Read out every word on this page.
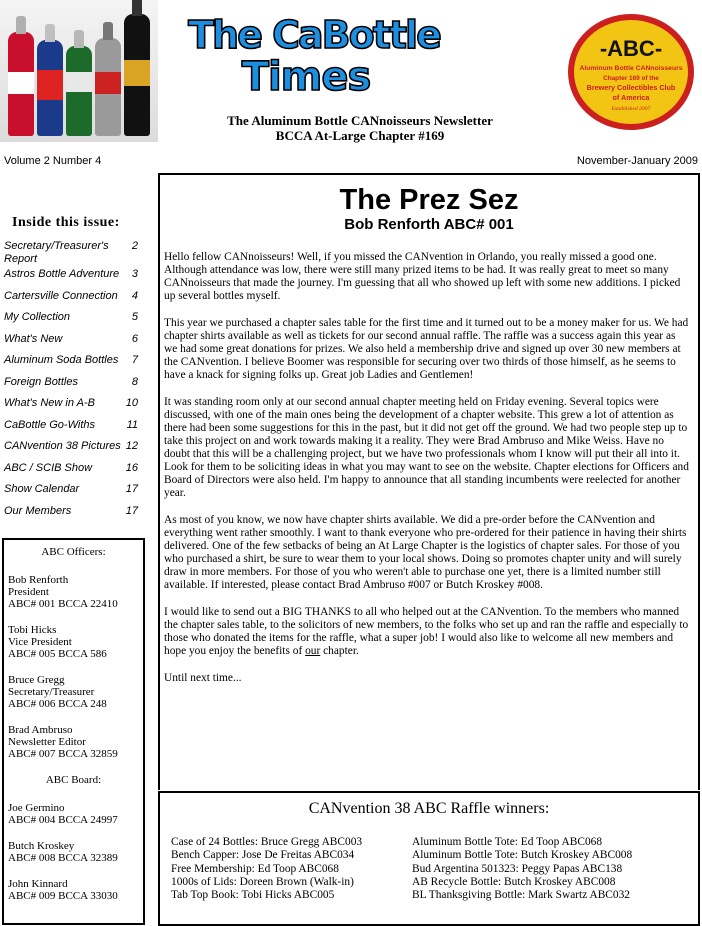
The CaBottle
Times
The Aluminum Bottle CANnoisseurs Newsletter
BCCA At-Large Chapter #169
-ABC-
Aluminum Bottle CANnoisseurs
Chapter 169 of the
Brewery Collectibles Club
of America
Established 2007
Volume 2 Number 4	November-January 2009
Inside this issue:
Secretary/Treasurer's Report
2
Astros Bottle Adventure 3
Cartersville Connection 4
My Collection	5
What's New	6
Aluminum Soda Bottles 7
Foreign Bottles	8
What's New in A-B	10
CaBottle Go-Withs	11
CANvention 38 Pictures 12
ABC / SCIB Show	16
Show Calendar	17
Our Members	17
ABC Officers:
Bob Renforth
President
ABC# 001 BCCA 22410
Tobi Hicks
Vice President
ABC# 005 BCCA 586
Bruce Gregg
Secretary/Treasurer
ABC# 006 BCCA 248
Brad Ambruso
Newsletter Editor
ABC# 007 BCCA 32859
ABC Board:
Joe Germino
ABC# 004 BCCA 24997
Butch Kroskey
ABC# 008 BCCA 32389
John Kinnard
ABC# 009 BCCA 33030
The Prez Sez
Bob Renforth ABC# 001

Hello fellow CANnoisseurs! Well, if you missed the CANvention in Orlando, you really missed a good one. Although attendance was low, there were still many prized items to be had. It was really great to meet so many CANnoisseurs that made the journey. I'm guessing that all who showed up left with some new additions. I picked up several bottles myself.

This year we purchased a chapter sales table for the first time and it turned out to be a money maker for us. We had chapter shirts available as well as tickets for our second annual raffle. The raffle was a success again this year as we had some great donations for prizes. We also held a membership drive and signed up over 30 new members at the CANvention. I believe Boomer was responsible for securing over two thirds of those himself, as he seems to have a knack for signing folks up. Great job Ladies and Gentlemen!

It was standing room only at our second annual chapter meeting held on Friday evening. Several topics were discussed, with one of the main ones being the development of a chapter website. This grew a lot of attention as there had been some suggestions for this in the past, but it did not get off the ground. We had two people step up to take this project on and work towards making it a reality. They were Brad Ambruso and Mike Weiss. Have no doubt that this will be a challenging project, but we have two professionals whom I know will put their all into it. Look for them to be soliciting ideas in what you may want to see on the website. Chapter elections for Officers and Board of Directors were also held. I'm happy to announce that all standing incumbents were reelected for another year.

As most of you know, we now have chapter shirts available. We did a pre-order before the CANvention and everything went rather smoothly. I want to thank everyone who pre-ordered for their patience in having their shirts delivered. One of the few setbacks of being an At Large Chapter is the logistics of chapter sales. For those of you who purchased a shirt, be sure to wear them to your local shows. Doing so promotes chapter unity and will surely draw in more members. For those of you who weren't able to purchase one yet, there is a limited number still available. If interested, please contact Brad Ambruso #007 or Butch Kroskey #008.

I would like to send out a BIG THANKS to all who helped out at the CANvention. To the members who manned the chapter sales table, to the solicitors of new members, to the folks who set up and ran the raffle and especially to those who donated the items for the raffle, what a super job! I would also like to welcome all new members and hope you enjoy the benefits of our chapter.

Until next time...

CANvention 38 ABC Raffle winners:
Case of 24 Bottles: Bruce Gregg ABC003
Bench Capper: Jose De Freitas ABC034
Free Membership: Ed Toop ABC068
1000s of Lids: Doreen Brown (Walk-in)
Tab Top Book: Tobi Hicks ABC005
Aluminum Bottle Tote: Ed Toop ABC068
Aluminum Bottle Tote: Butch Kroskey ABC008
Bud Argentina 501323: Peggy Papas ABC138
AB Recycle Bottle: Butch Kroskey ABC008
BL Thanksgiving Bottle: Mark Swartz ABC032
